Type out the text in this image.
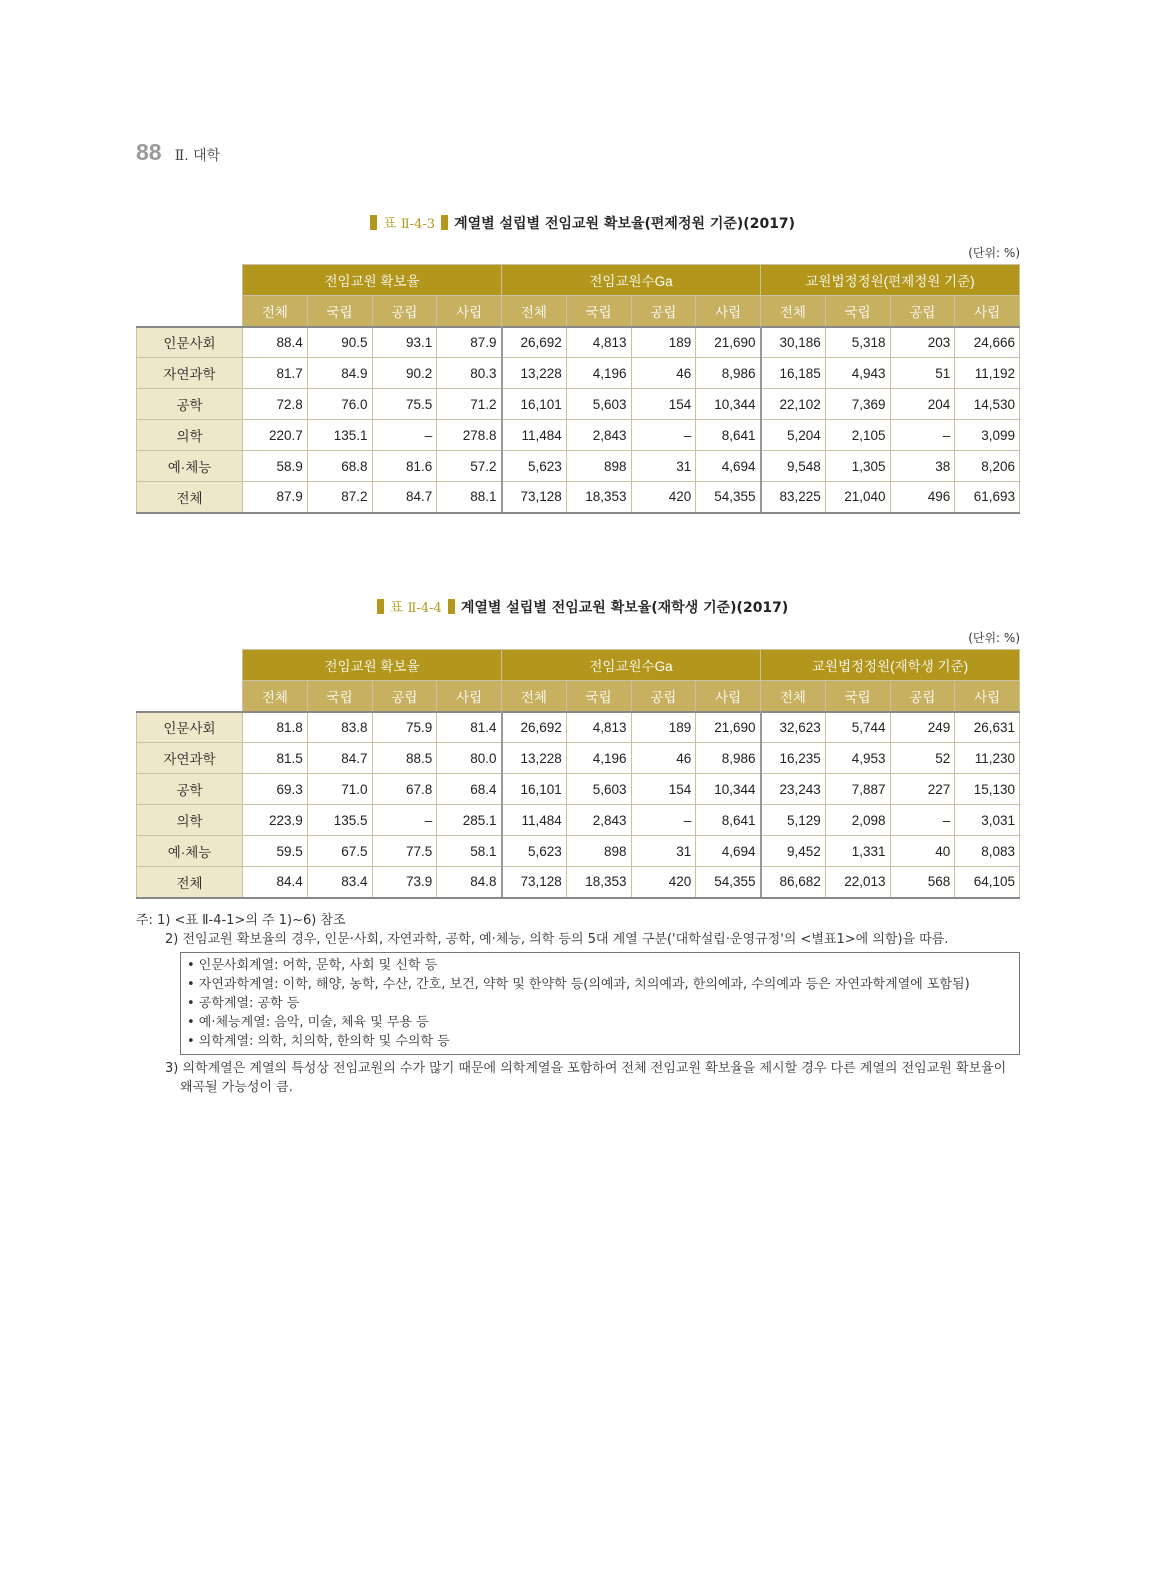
88 Ⅱ. 대학
표 Ⅱ-4-3 계열별 설립별 전임교원 확보율(편제정원 기준)(2017)
(단위: %)
	전임교원 확보율				전임교원수Ga				교원법정정원(편제정원 기준)			
	전체	국립	공립	사립	전체	국립	공립	사립	전체	국립	공립	사립
인문사회	88.4	90.5	93.1	87.9	26,692	4,813	189	21,690	30,186	5,318	203	24,666
자연과학	81.7	84.9	90.2	80.3	13,228	4,196	46	8,986	16,185	4,943	51	11,192
공학	72.8	76.0	75.5	71.2	16,101	5,603	154	10,344	22,102	7,369	204	14,530
의학	220.7	135.1	–	278.8	11,484	2,843	–	8,641	5,204	2,105	–	3,099
예·체능	58.9	68.8	81.6	57.2	5,623	898	31	4,694	9,548	1,305	38	8,206
전체	87.9	87.2	84.7	88.1	73,128	18,353	420	54,355	83,225	21,040	496	61,693
표 Ⅱ-4-4 계열별 설립별 전임교원 확보율(재학생 기준)(2017)
(단위: %)
	전임교원 확보율				전임교원수Ga				교원법정정원(재학생 기준)			
	전체	국립	공립	사립	전체	국립	공립	사립	전체	국립	공립	사립
인문사회	81.8	83.8	75.9	81.4	26,692	4,813	189	21,690	32,623	5,744	249	26,631
자연과학	81.5	84.7	88.5	80.0	13,228	4,196	46	8,986	16,235	4,953	52	11,230
공학	69.3	71.0	67.8	68.4	16,101	5,603	154	10,344	23,243	7,887	227	15,130
의학	223.9	135.5	–	285.1	11,484	2,843	–	8,641	5,129	2,098	–	3,031
예·체능	59.5	67.5	77.5	58.1	5,623	898	31	4,694	9,452	1,331	40	8,083
전체	84.4	83.4	73.9	84.8	73,128	18,353	420	54,355	86,682	22,013	568	64,105
주: 1) <표 Ⅱ-4-1>의 주 1)~6) 참조
2) 전임교원 확보율의 경우, 인문·사회, 자연과학, 공학, 예·체능, 의학 등의 5대 계열 구분('대학설립·운영규정'의 <별표1>에 의함)을 따름.
• 인문사회계열: 어학, 문학, 사회 및 신학 등
• 자연과학계열: 이학, 해양, 농학, 수산, 간호, 보건, 약학 및 한약학 등(의예과, 치의예과, 한의예과, 수의예과 등은 자연과학계열에 포함됨)
• 공학계열: 공학 등
• 예·체능계열: 음악, 미술, 체육 및 무용 등
• 의학계열: 의학, 치의학, 한의학 및 수의학 등
3) 의학계열은 계열의 특성상 전임교원의 수가 많기 때문에 의학계열을 포함하여 전체 전임교원 확보율을 제시할 경우 다른 계열의 전임교원 확보율이 왜곡될 가능성이 큼.
